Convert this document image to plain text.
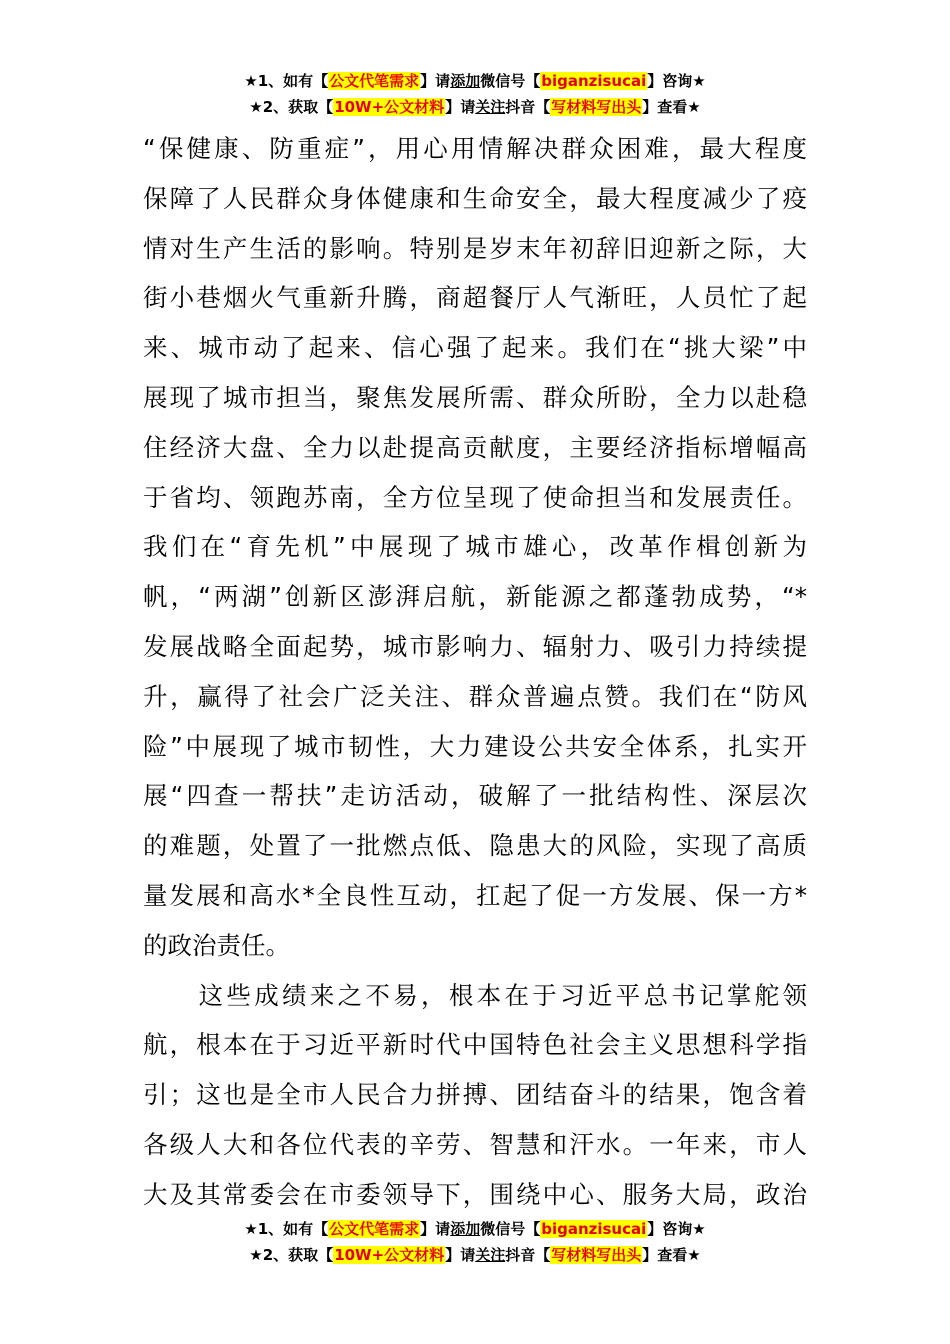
★1、如有【公文代笔需求】请添加微信号【biganzisucai】咨询★
★2、获取【10W+公文材料】请关注抖音【写材料写出头】查看★
“保健康、防重症”，用心用情解决群众困难，最大程度
保障了人民群众身体健康和生命安全，最大程度减少了疫
情对生产生活的影响。特别是岁末年初辞旧迎新之际，大
街小巷烟火气重新升腾，商超餐厅人气渐旺，人员忙了起
来、城市动了起来、信心强了起来。我们在“挑大梁”中
展现了城市担当，聚焦发展所需、群众所盼，全力以赴稳
住经济大盘、全力以赴提高贡献度，主要经济指标增幅高
于省均、领跑苏南，全方位呈现了使命担当和发展责任。
我们在“育先机”中展现了城市雄心，改革作楫创新为
帆，“两湖”创新区澎湃启航，新能源之都蓬勃成势，“*
发展战略全面起势，城市影响力、辐射力、吸引力持续提
升，赢得了社会广泛关注、群众普遍点赞。我们在“防风
险”中展现了城市韧性，大力建设公共安全体系，扎实开
展“四查一帮扶”走访活动，破解了一批结构性、深层次
的难题，处置了一批燃点低、隐患大的风险，实现了高质
量发展和高水*全良性互动，扛起了促一方发展、保一方*
的政治责任。
　　这些成绩来之不易，根本在于习近平总书记掌舵领
航，根本在于习近平新时代中国特色社会主义思想科学指
引；这也是全市人民合力拼搏、团结奋斗的结果，饱含着
各级人大和各位代表的辛劳、智慧和汗水。一年来，市人
大及其常委会在市委领导下，围绕中心、服务大局，政治
★1、如有【公文代笔需求】请添加微信号【biganzisucai】咨询★
★2、获取【10W+公文材料】请关注抖音【写材料写出头】查看★
